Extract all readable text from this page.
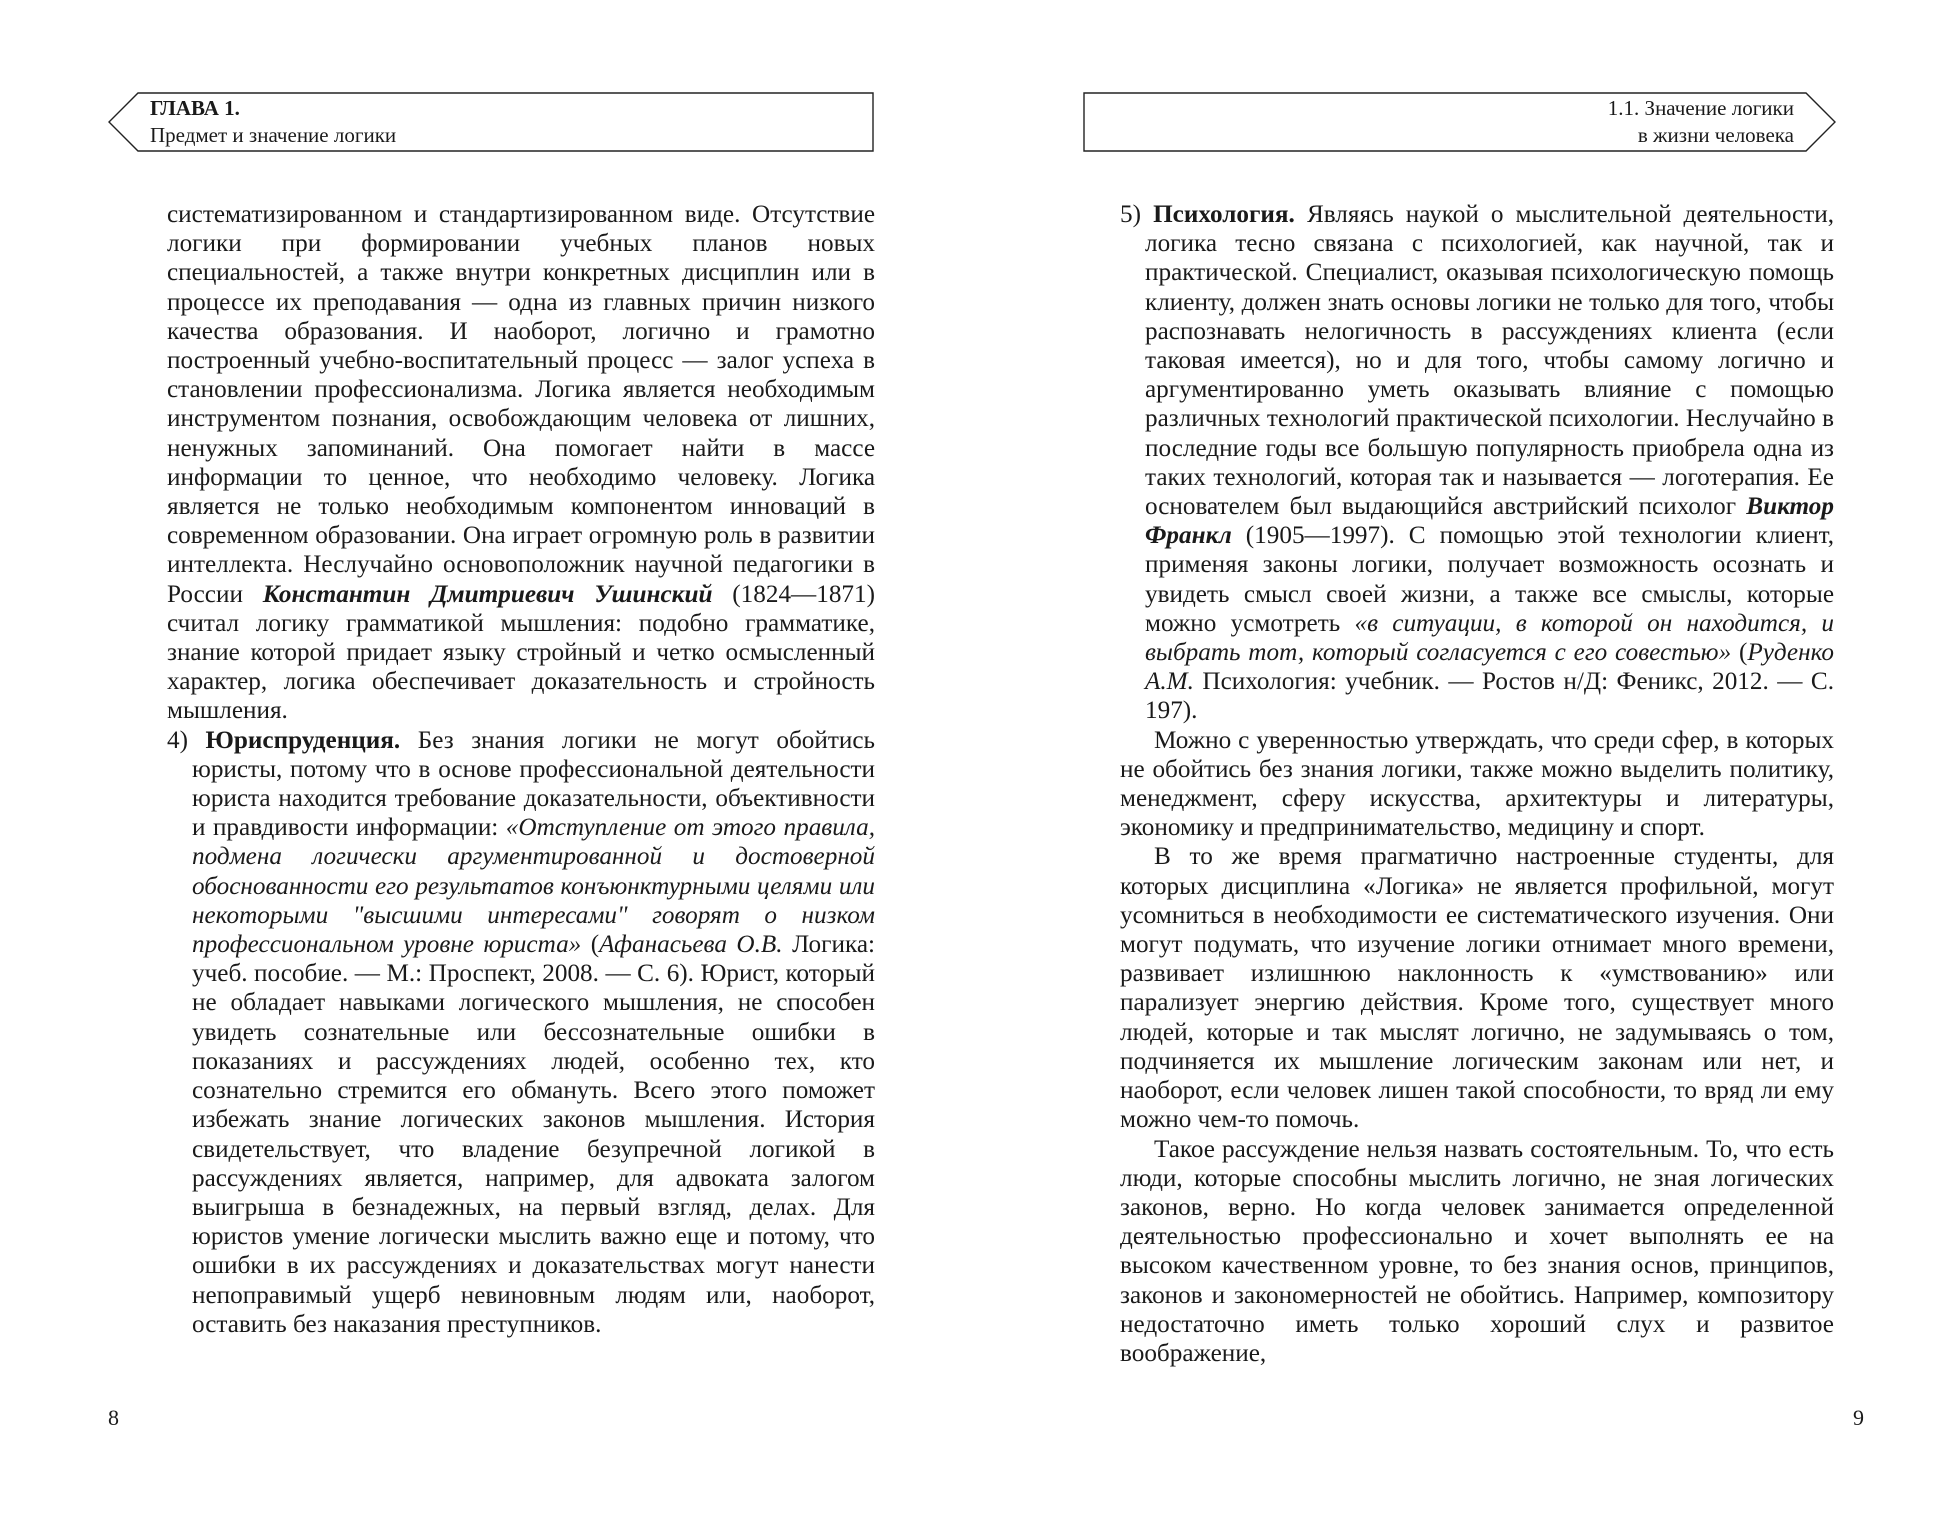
ГЛАВА 1.
Предмет и значение логики

систематизированном и стандартизированном виде. Отсутствие логики при формировании учебных планов новых специальностей, а также внутри конкретных дисциплин или в процессе их преподавания — одна из главных причин низкого качества образования. И наоборот, логично и грамотно построенный учебно-воспитательный процесс — залог успеха в становлении профессионализма. Логика является необходимым инструментом познания, освобождающим человека от лишних, ненужных запоминаний. Она помогает найти в массе информации то ценное, что необходимо человеку. Логика является не только необходимым компонентом инноваций в современном образовании. Она играет огромную роль в развитии интеллекта. Неслучайно основоположник научной педагогики в России Константин Дмитриевич Ушинский (1824—1871) считал логику грамматикой мышления: подобно грамматике, знание которой придает языку стройный и четко осмысленный характер, логика обеспечивает доказательность и стройность мышления.

4) Юриспруденция. Без знания логики не могут обойтись юристы, потому что в основе профессиональной деятельности юриста находится требование доказательности, объективности и правдивости информации: «Отступление от этого правила, подмена логически аргументированной и достоверной обоснованности его результатов конъюнктурными целями или некоторыми "высшими интересами" говорят о низком профессиональном уровне юриста» (Афанасьева О.В. Логика: учеб. пособие. — М.: Проспект, 2008. — С. 6). Юрист, который не обладает навыками логического мышления, не способен увидеть сознательные или бессознательные ошибки в показаниях и рассуждениях людей, особенно тех, кто сознательно стремится его обмануть. Всего этого поможет избежать знание логических законов мышления. История свидетельствует, что владение безупречной логикой в рассуждениях является, например, для адвоката залогом выигрыша в безнадежных, на первый взгляд, делах. Для юристов умение логически мыслить важно еще и потому, что ошибки в их рассуждениях и доказательствах могут нанести непоправимый ущерб невиновным людям или, наоборот, оставить без наказания преступников.

8
1.1. Значение логики
в жизни человека

5) Психология. Являясь наукой о мыслительной деятельности, логика тесно связана с психологией, как научной, так и практической. Специалист, оказывая психологическую помощь клиенту, должен знать основы логики не только для того, чтобы распознавать нелогичность в рассуждениях клиента (если таковая имеется), но и для того, чтобы самому логично и аргументированно уметь оказывать влияние с помощью различных технологий практической психологии. Неслучайно в последние годы все большую популярность приобрела одна из таких технологий, которая так и называется — логотерапия. Ее основателем был выдающийся австрийский психолог Виктор Франкл (1905—1997). С помощью этой технологии клиент, применяя законы логики, получает возможность осознать и увидеть смысл своей жизни, а также все смыслы, которые можно усмотреть «в ситуации, в которой он находится, и выбрать тот, который согласуется с его совестью» (Руденко А.М. Психология: учебник. — Ростов н/Д: Феникс, 2012. — С. 197).

Можно с уверенностью утверждать, что среди сфер, в которых не обойтись без знания логики, также можно выделить политику, менеджмент, сферу искусства, архитектуры и литературы, экономику и предпринимательство, медицину и спорт.

В то же время прагматично настроенные студенты, для которых дисциплина «Логика» не является профильной, могут усомниться в необходимости ее систематического изучения. Они могут подумать, что изучение логики отнимает много времени, развивает излишнюю наклонность к «умствованию» или парализует энергию действия. Кроме того, существует много людей, которые и так мыслят логично, не задумываясь о том, подчиняется их мышление логическим законам или нет, и наоборот, если человек лишен такой способности, то вряд ли ему можно чем-то помочь.

Такое рассуждение нельзя назвать состоятельным. То, что есть люди, которые способны мыслить логично, не зная логических законов, верно. Но когда человек занимается определенной деятельностью профессионально и хочет выполнять ее на высоком качественном уровне, то без знания основ, принципов, законов и закономерностей не обойтись. Например, композитору недостаточно иметь только хороший слух и развитое воображение,

9
